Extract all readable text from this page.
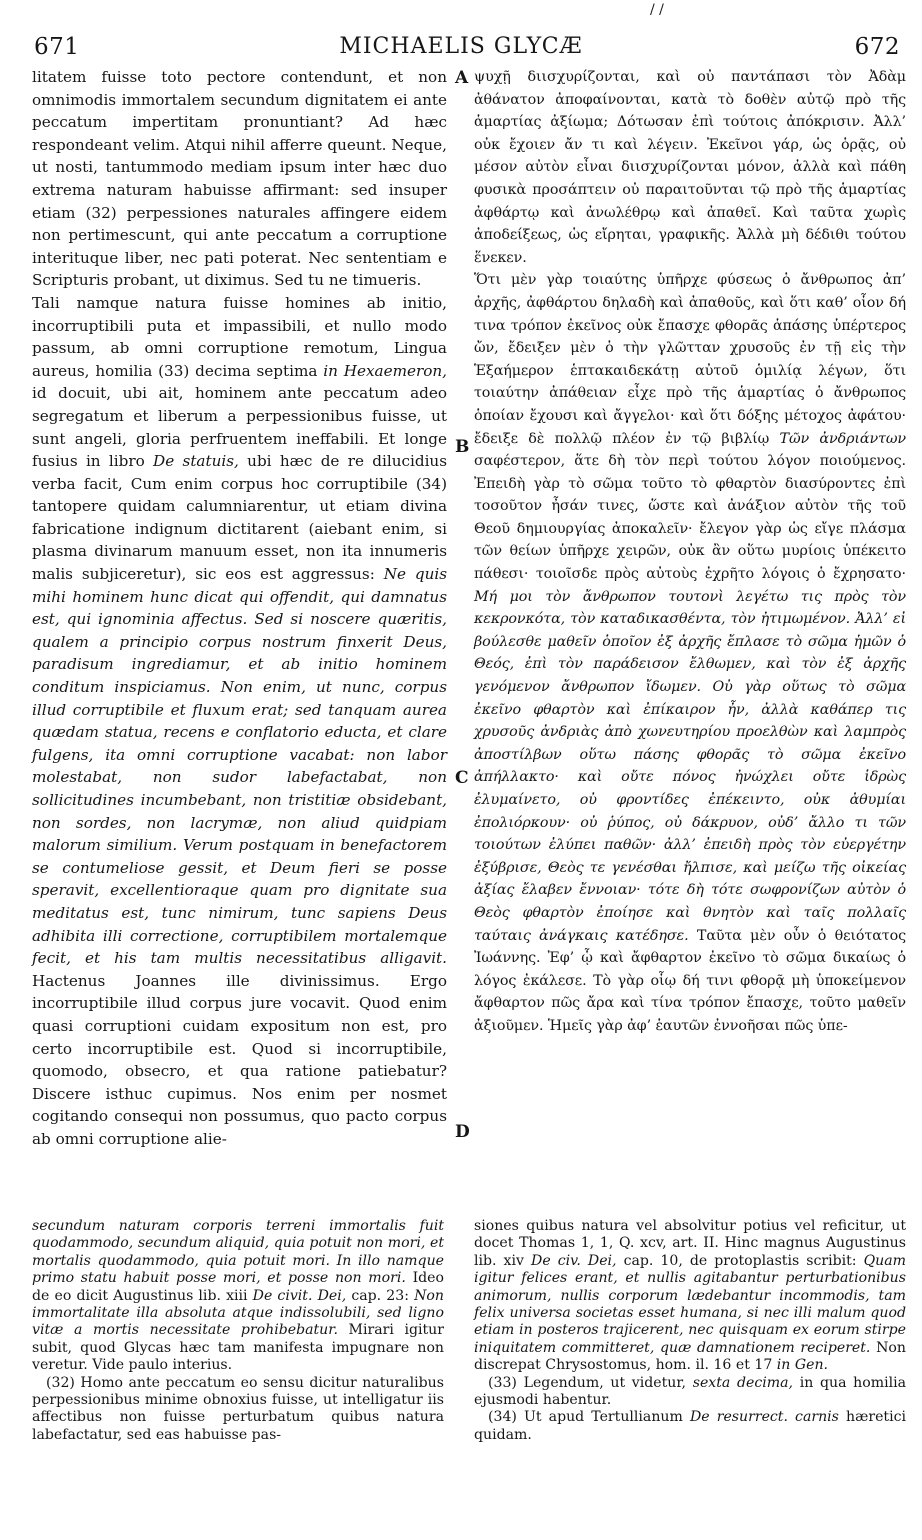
/ /
671	MICHAELIS GLYCÆ	672
A
B
C
D

litatem fuisse toto pectore contendunt, et non omnimodis immortalem secundum dignitatem ei ante peccatum impertitam pronuntiant? Ad hæc respondeant velim. Atqui nihil afferre queunt. Neque, ut nosti, tantummodo mediam ipsum inter hæc duo extrema naturam habuisse affirmant: sed insuper etiam (32) perpessiones naturales affingere eidem non pertimescunt, qui ante peccatum a corruptione interituque liber, nec pati poterat. Nec sententiam e Scripturis probant, ut diximus. Sed tu ne timueris.

Tali namque natura fuisse homines ab initio, incorruptibili puta et impassibili, et nullo modo passum, ab omni corruptione remotum, Lingua aureus, homilia (33) decima septima in Hexaemeron, id docuit, ubi ait, hominem ante peccatum adeo segregatum et liberum a perpessionibus fuisse, ut sunt angeli, gloria perfruentem ineffabili. Et longe fusius in libro De statuis, ubi hæc de re dilucidius verba facit, Cum enim corpus hoc corruptibile (34) tantopere quidam calumniarentur, ut etiam divina fabricatione indignum dictitarent (aiebant enim, si plasma divinarum manuum esset, non ita innumeris malis subjiceretur), sic eos est aggressus: Ne quis mihi hominem hunc dicat qui offendit, qui damnatus est, qui ignominia affectus. Sed si noscere quæritis, qualem a principio corpus nostrum finxerit Deus, paradisum ingrediamur, et ab initio hominem conditum inspiciamus. Non enim, ut nunc, corpus illud corruptibile et fluxum erat; sed tanquam aurea quædam statua, recens e conflatorio educta, et clare fulgens, ita omni corruptione vacabat: non labor molestabat, non sudor labefactabat, non sollicitudines incumbebant, non tristitiæ obsidebant, non sordes, non lacrymæ, non aliud quidpiam malorum similium. Verum postquam in benefactorem se contumeliose gessit, et Deum fieri se posse speravit, excellentioraque quam pro dignitate sua meditatus est, tunc nimirum, tunc sapiens Deus adhibita illi correctione, corruptibilem mortalemque fecit, et his tam multis necessitatibus alligavit. Hactenus Joannes ille divinissimus. Ergo incorruptibile illud corpus jure vocavit. Quod enim quasi corruptioni cuidam expositum non est, pro certo incorruptibile est. Quod si incorruptibile, quomodo, obsecro, et qua ratione patiebatur? Discere isthuc cupimus. Nos enim per nosmet cogitando consequi non possumus, quo pacto corpus ab omni corruptione alie-

ψυχῇ διισχυρίζονται, καὶ οὐ παντάπασι τὸν Ἀδὰμ ἀθάνατον ἀποφαίνονται, κατὰ τὸ δοθὲν αὐτῷ πρὸ τῆς ἁμαρτίας ἀξίωμα; Δότωσαν ἐπὶ τούτοις ἀπόκρισιν. Ἀλλ’ οὐκ ἔχοιεν ἄν τι καὶ λέγειν. Ἐκεῖνοι γάρ, ὡς ὁρᾷς, οὐ μέσον αὐτὸν εἶναι διισχυρίζονται μόνον, ἀλλὰ καὶ πάθη φυσικὰ προσάπτειν οὐ παραιτοῦνται τῷ πρὸ τῆς ἁμαρτίας ἀφθάρτῳ καὶ ἀνωλέθρῳ καὶ ἀπαθεῖ. Καὶ ταῦτα χωρὶς ἀποδείξεως, ὡς εἴρηται, γραφικῆς. Ἀλλὰ μὴ δέδιθι τούτου ἕνεκεν.

Ὅτι μὲν γὰρ τοιαύτης ὑπῆρχε φύσεως ὁ ἄνθρωπος ἀπ’ ἀρχῆς, ἀφθάρτου δηλαδὴ καὶ ἀπαθοῦς, καὶ ὅτι καθ’ οἷον δή τινα τρόπον ἐκεῖνος οὐκ ἔπασχε φθορᾶς ἁπάσης ὑπέρτερος ὤν, ἔδειξεν μὲν ὁ τὴν γλῶτταν χρυσοῦς ἐν τῇ εἰς τὴν Ἑξαήμερον ἑπτακαιδεκάτῃ αὐτοῦ ὁμιλίᾳ λέγων, ὅτι τοιαύτην ἀπάθειαν εἶχε πρὸ τῆς ἁμαρτίας ὁ ἄνθρωπος ὁποίαν ἔχουσι καὶ ἄγγελοι· καὶ ὅτι δόξης μέτοχος ἀφάτου· ἔδειξε δὲ πολλῷ πλέον ἐν τῷ βιβλίῳ Τῶν ἀνδριάντων σαφέστερον, ἅτε δὴ τὸν περὶ τούτου λόγον ποιούμενος. Ἐπειδὴ γὰρ τὸ σῶμα τοῦτο τὸ φθαρτὸν διασύροντες ἐπὶ τοσοῦτον ἦσάν τινες, ὥστε καὶ ἀνάξιον αὐτὸν τῆς τοῦ Θεοῦ δημιουργίας ἀποκαλεῖν· ἔλεγον γὰρ ὡς εἴγε πλάσμα τῶν θείων ὑπῆρχε χειρῶν, οὐκ ἂν οὕτω μυρίοις ὑπέκειτο πάθεσι· τοιοῖσδε πρὸς αὐτοὺς ἐχρῆτο λόγοις ὁ ἔχρησατο· Μή μοι τὸν ἄνθρωπον τουτονὶ λεγέτω τις πρὸς τὸν κεκρονκότα, τὸν καταδικασθέντα, τὸν ἠτιμωμένον. Ἀλλ’ εἰ βούλεσθε μαθεῖν ὁποῖον ἐξ ἀρχῆς ἔπλασε τὸ σῶμα ἡμῶν ὁ Θεός, ἐπὶ τὸν παράδεισον ἔλθωμεν, καὶ τὸν ἐξ ἀρχῆς γενόμενον ἄνθρωπον ἴδωμεν. Οὐ γὰρ οὕτως τὸ σῶμα ἐκεῖνο φθαρτὸν καὶ ἐπίκαιρον ἦν, ἀλλὰ καθάπερ τις χρυσοῦς ἀνδριὰς ἀπὸ χωνευτηρίου προελθὼν καὶ λαμπρὸς ἀποστίλβων οὕτω πάσης φθορᾶς τὸ σῶμα ἐκεῖνο ἀπήλλακτο· καὶ οὔτε πόνος ἠνώχλει οὔτε ἱδρὼς ἐλυμαίνετο, οὐ φροντίδες ἐπέκειντο, οὐκ ἀθυμίαι ἐπολιόρκουν· οὐ ῥύπος, οὐ δάκρυον, οὐδ’ ἄλλο τι τῶν τοιούτων ἐλύπει παθῶν· ἀλλ’ ἐπειδὴ πρὸς τὸν εὐεργέτην ἐξύβρισε, Θεὸς τε γενέσθαι ἤλπισε, καὶ μείζω τῆς οἰκείας ἀξίας ἔλαβεν ἔννοιαν· τότε δὴ τότε σωφρονίζων αὐτὸν ὁ Θεὸς φθαρτὸν ἐποίησε καὶ θνητὸν καὶ ταῖς πολλαῖς ταύταις ἀνάγκαις κατέδησε. Ταῦτα μὲν οὖν ὁ θειότατος Ἰωάννης. Ἐφ’ ᾧ καὶ ἄφθαρτον ἐκεῖνο τὸ σῶμα δικαίως ὁ λόγος ἐκάλεσε. Τὸ γὰρ οἷῳ δή τινι φθορᾷ μὴ ὑποκείμενον ἄφθαρτον πῶς ἄρα καὶ τίνα τρόπον ἔπασχε, τοῦτο μαθεῖν ἀξιοῦμεν. Ἡμεῖς γὰρ ἀφ’ ἑαυτῶν ἐννοῆσαι πῶς ὑπε-

secundum naturam corporis terreni immortalis fuit quodammodo, secundum aliquid, quia potuit non mori, et mortalis quodammodo, quia potuit mori. In illo namque primo statu habuit posse mori, et posse non mori. Ideo de eo dicit Augustinus lib. xiii De civit. Dei, cap. 23: Non immortalitate illa absoluta atque indissolubili, sed ligno vitæ a mortis necessitate prohibebatur. Mirari igitur subit, quod Glycas hæc tam manifesta impugnare non veretur. Vide paulo interius.

(32) Homo ante peccatum eo sensu dicitur naturalibus perpessionibus minime obnoxius fuisse, ut intelligatur iis affectibus non fuisse perturbatum quibus natura labefactatur, sed eas habuisse pas-

siones quibus natura vel absolvitur potius vel reficitur, ut docet Thomas 1, 1, Q. xcv, art. II. Hinc magnus Augustinus lib. xiv De civ. Dei, cap. 10, de protoplastis scribit: Quam igitur felices erant, et nullis agitabantur perturbationibus animorum, nullis corporum lædebantur incommodis, tam felix universa societas esset humana, si nec illi malum quod etiam in posteros trajicerent, nec quisquam ex eorum stirpe iniquitatem committeret, quæ damnationem reciperet. Non discrepat Chrysostomus, hom. il. 16 et 17 in Gen.

(33) Legendum, ut videtur, sexta decima, in qua homilia ejusmodi habentur.

(34) Ut apud Tertullianum De resurrect. carnis hæretici quidam.
